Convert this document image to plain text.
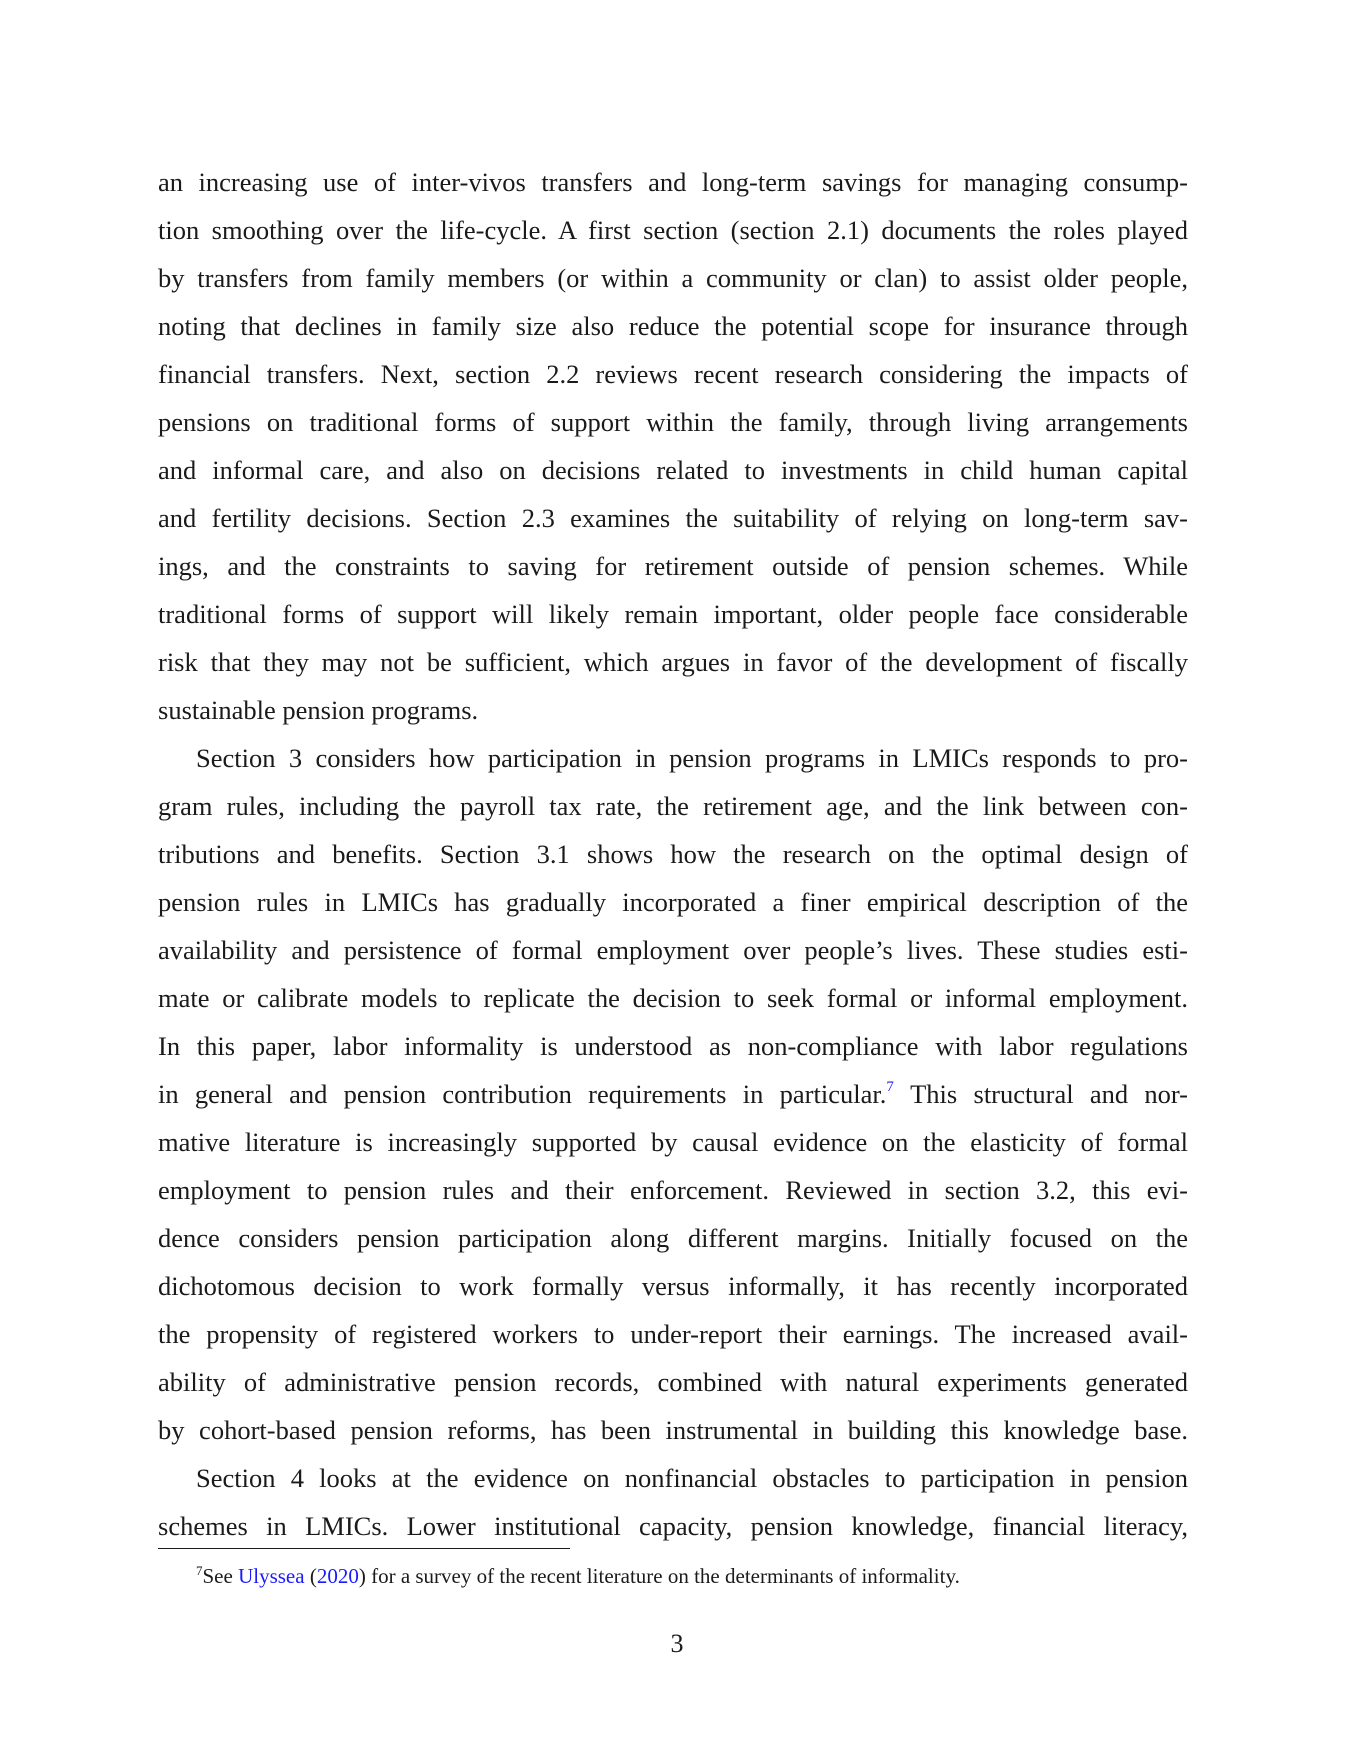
an increasing use of inter-vivos transfers and long-term savings for managing consump-
tion smoothing over the life-cycle. A first section (section 2.1) documents the roles played
by transfers from family members (or within a community or clan) to assist older people,
noting that declines in family size also reduce the potential scope for insurance through
financial transfers. Next, section 2.2 reviews recent research considering the impacts of
pensions on traditional forms of support within the family, through living arrangements
and informal care, and also on decisions related to investments in child human capital
and fertility decisions. Section 2.3 examines the suitability of relying on long-term sav-
ings, and the constraints to saving for retirement outside of pension schemes. While
traditional forms of support will likely remain important, older people face considerable
risk that they may not be sufficient, which argues in favor of the development of fiscally
sustainable pension programs.
Section 3 considers how participation in pension programs in LMICs responds to pro-
gram rules, including the payroll tax rate, the retirement age, and the link between con-
tributions and benefits. Section 3.1 shows how the research on the optimal design of
pension rules in LMICs has gradually incorporated a finer empirical description of the
availability and persistence of formal employment over people’s lives. These studies esti-
mate or calibrate models to replicate the decision to seek formal or informal employment.
In this paper, labor informality is understood as non-compliance with labor regulations
in general and pension contribution requirements in particular.$^7$ This structural and nor-
mative literature is increasingly supported by causal evidence on the elasticity of formal
employment to pension rules and their enforcement. Reviewed in section 3.2, this evi-
dence considers pension participation along different margins. Initially focused on the
dichotomous decision to work formally versus informally, it has recently incorporated
the propensity of registered workers to under-report their earnings. The increased avail-
ability of administrative pension records, combined with natural experiments generated
by cohort-based pension reforms, has been instrumental in building this knowledge base.
Section 4 looks at the evidence on nonfinancial obstacles to participation in pension
schemes in LMICs. Lower institutional capacity, pension knowledge, financial literacy,
$^7$See Ulyssea (2020) for a survey of the recent literature on the determinants of informality.
3
